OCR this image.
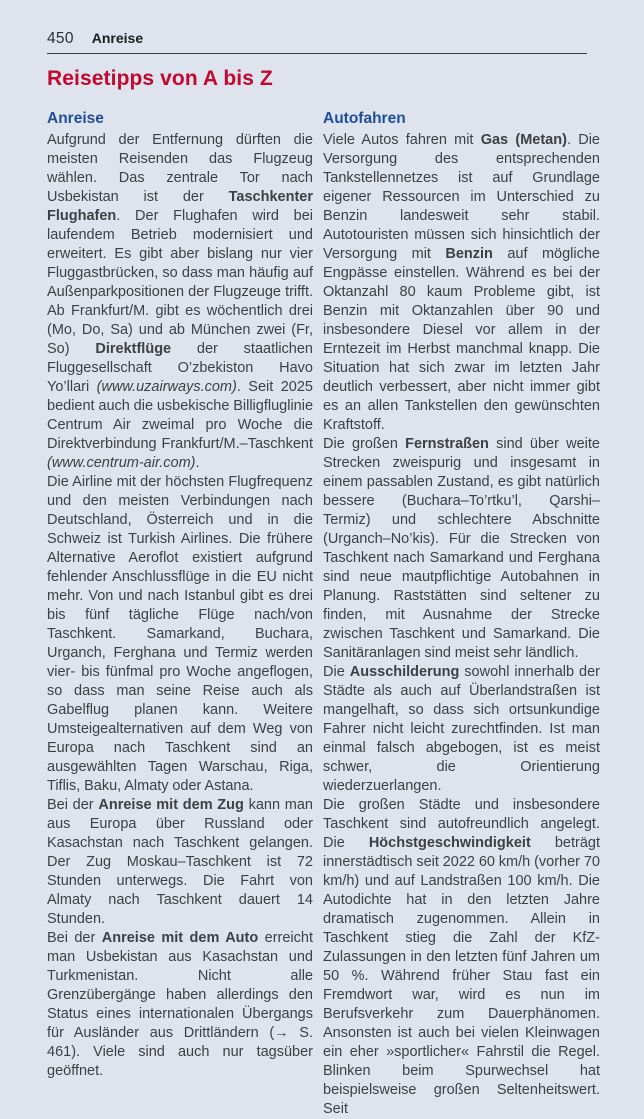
450 Anreise
Reisetipps von A bis Z
Anreise

Aufgrund der Entfernung dürften die meisten Reisenden das Flugzeug wählen. Das zentrale Tor nach Usbekistan ist der Taschkenter Flughafen. Der Flughafen wird bei laufendem Betrieb modernisiert und erweitert. Es gibt aber bislang nur vier Fluggastbrücken, so dass man häufig auf Außenparkpositionen der Flugzeuge trifft. Ab Frankfurt/M. gibt es wöchentlich drei (Mo, Do, Sa) und ab München zwei (Fr, So) Direktflüge der staatlichen Fluggesellschaft O’zbekiston Havo Yo’llari (www.uzairways.com). Seit 2025 bedient auch die usbekische Billigfluglinie Centrum Air zweimal pro Woche die Direktverbindung Frankfurt/M.–Taschkent (www.centrum-air.com).

Die Airline mit der höchsten Flugfrequenz und den meisten Verbindungen nach Deutschland, Österreich und in die Schweiz ist Turkish Airlines. Die frühere Alternative Aeroflot existiert aufgrund fehlender Anschlussflüge in die EU nicht mehr. Von und nach Istanbul gibt es drei bis fünf tägliche Flüge nach/von Taschkent. Samarkand, Buchara, Urganch, Ferghana und Termiz werden vier- bis fünfmal pro Woche angeflogen, so dass man seine Reise auch als Gabelflug planen kann. Weitere Umsteigealternativen auf dem Weg von Europa nach Taschkent sind an ausgewählten Tagen Warschau, Riga, Tiflis, Baku, Almaty oder Astana.

Bei der Anreise mit dem Zug kann man aus Europa über Russland oder Kasachstan nach Taschkent gelangen. Der Zug Moskau–Taschkent ist 72 Stunden unterwegs. Die Fahrt von Almaty nach Taschkent dauert 14 Stunden.

Bei der Anreise mit dem Auto erreicht man Usbekistan aus Kasachstan und Turkmenistan. Nicht alle Grenzübergänge haben allerdings den Status eines internationalen Übergangs für Ausländer aus Drittländern (→ S. 461). Viele sind auch nur tagsüber geöffnet.

Autofahren

Viele Autos fahren mit Gas (Metan). Die Versorgung des entsprechenden Tankstellennetzes ist auf Grundlage eigener Ressourcen im Unterschied zu Benzin landesweit sehr stabil. Autotouristen müssen sich hinsichtlich der Versorgung mit Benzin auf mögliche Engpässe einstellen. Während es bei der Oktanzahl 80 kaum Probleme gibt, ist Benzin mit Oktanzahlen über 90 und insbesondere Diesel vor allem in der Erntezeit im Herbst manchmal knapp. Die Situation hat sich zwar im letzten Jahr deutlich verbessert, aber nicht immer gibt es an allen Tankstellen den gewünschten Kraftstoff.

Die großen Fernstraßen sind über weite Strecken zweispurig und insgesamt in einem passablen Zustand, es gibt natürlich bessere (Buchara–To’rtku’l, Qarshi–Termiz) und schlechtere Abschnitte (Urganch–No’kis). Für die Strecken von Taschkent nach Samarkand und Ferghana sind neue mautpflichtige Autobahnen in Planung. Raststätten sind seltener zu finden, mit Ausnahme der Strecke zwischen Taschkent und Samarkand. Die Sanitäranlagen sind meist sehr ländlich.

Die Ausschilderung sowohl innerhalb der Städte als auch auf Überlandstraßen ist mangelhaft, so dass sich ortsunkundige Fahrer nicht leicht zurechtfinden. Ist man einmal falsch abgebogen, ist es meist schwer, die Orientierung wiederzuerlangen.

Die großen Städte und insbesondere Taschkent sind autofreundlich angelegt. Die Höchstgeschwindigkeit beträgt innerstädtisch seit 2022 60 km/h (vorher 70 km/h) und auf Landstraßen 100 km/h. Die Autodichte hat in den letzten Jahre dramatisch zugenommen. Allein in Taschkent stieg die Zahl der KfZ-Zulassungen in den letzten fünf Jahren um 50 %. Während früher Stau fast ein Fremdwort war, wird es nun im Berufsverkehr zum Dauerphänomen. Ansonsten ist auch bei vielen Kleinwagen ein eher »sportlicher« Fahrstil die Regel. Blinken beim Spurwechsel hat beispielsweise großen Seltenheitswert. Seit
